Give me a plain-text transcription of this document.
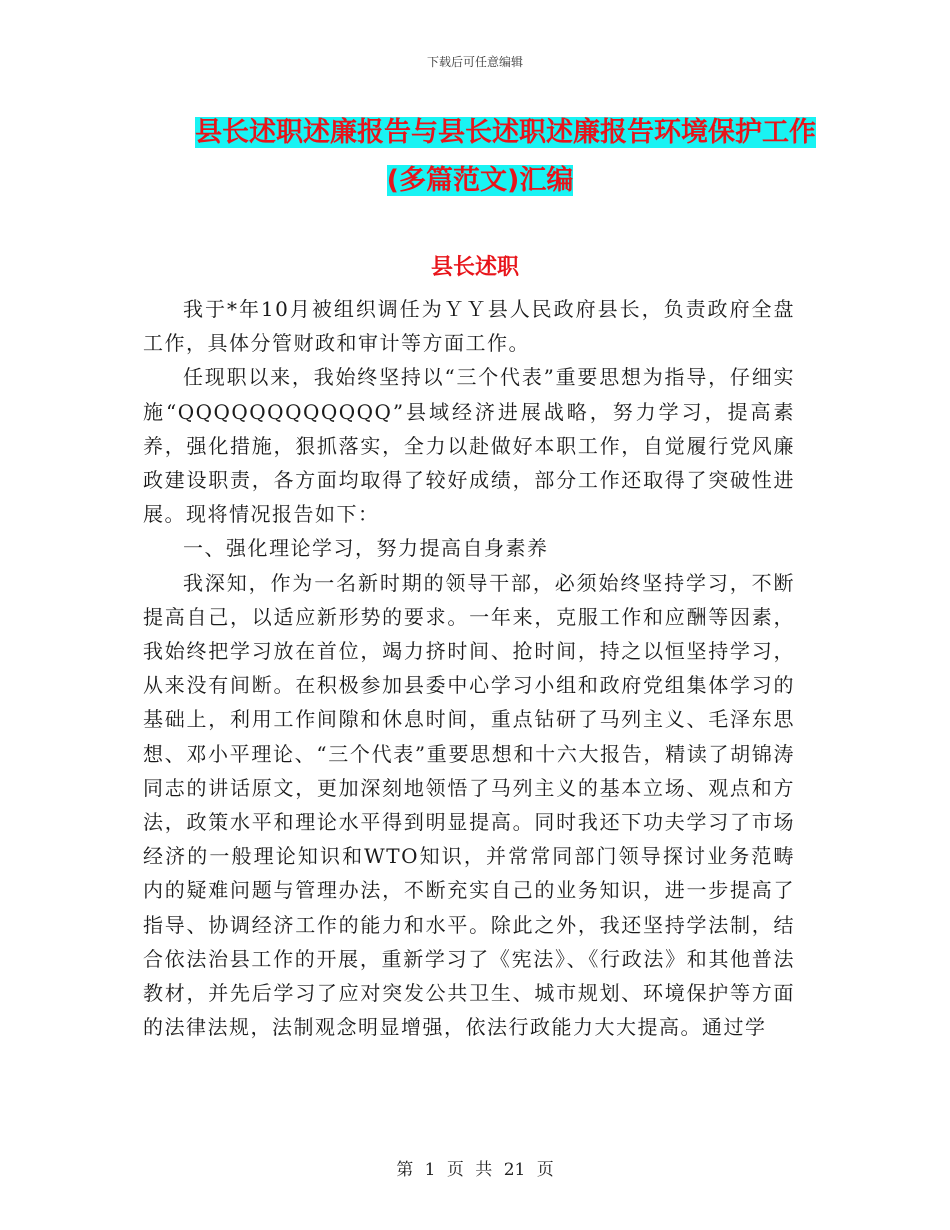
下载后可任意编辑
县长述职述廉报告与县长述职述廉报告环境保护工作
(多篇范文)汇编
县长述职

我于*年10月被组织调任为ＹＹ县人民政府县长，负责政府全盘工作，具体分管财政和审计等方面工作。

任现职以来，我始终坚持以“三个代表”重要思想为指导，仔细实施“QQQQQQQQQQQQ”县域经济进展战略，努力学习，提高素养，强化措施，狠抓落实，全力以赴做好本职工作，自觉履行党风廉政建设职责，各方面均取得了较好成绩，部分工作还取得了突破性进展。现将情况报告如下：

一、强化理论学习，努力提高自身素养

我深知，作为一名新时期的领导干部，必须始终坚持学习，不断提高自己，以适应新形势的要求。一年来，克服工作和应酬等因素，我始终把学习放在首位，竭力挤时间、抢时间，持之以恒坚持学习，从来没有间断。在积极参加县委中心学习小组和政府党组集体学习的基础上，利用工作间隙和休息时间，重点钻研了马列主义、毛泽东思想、邓小平理论、“三个代表”重要思想和十六大报告，精读了胡锦涛同志的讲话原文，更加深刻地领悟了马列主义的基本立场、观点和方法，政策水平和理论水平得到明显提高。同时我还下功夫学习了市场经济的一般理论知识和WTO知识，并常常同部门领导探讨业务范畴内的疑难问题与管理办法，不断充实自己的业务知识，进一步提高了指导、协调经济工作的能力和水平。除此之外，我还坚持学法制，结合依法治县工作的开展，重新学习了《宪法》、《行政法》和其他普法教材，并先后学习了应对突发公共卫生、城市规划、环境保护等方面的法律法规，法制观念明显增强，依法行政能力大大提高。通过学

第 1 页 共 21 页
